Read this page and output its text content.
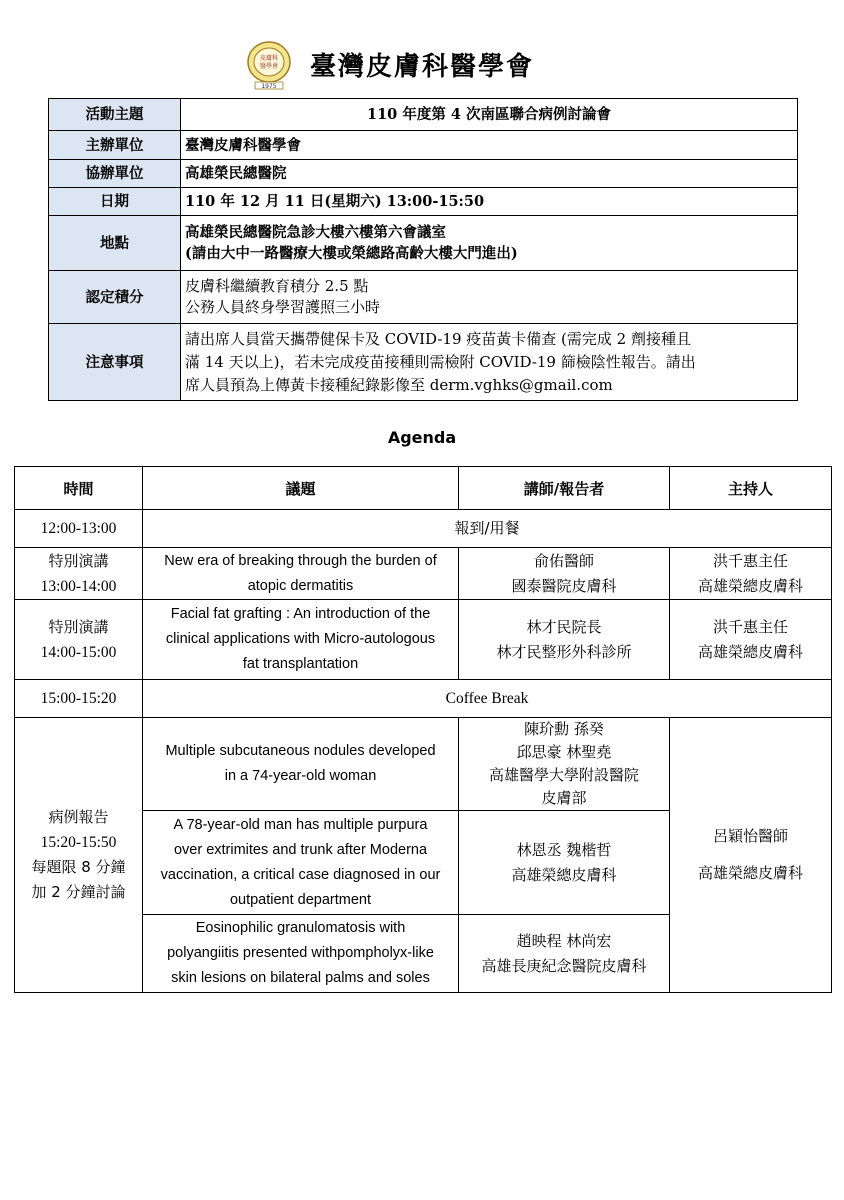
皮膚科
醫學會
1975
臺灣皮膚科醫學會
活動主題	110 年度第 4 次南區聯合病例討論會
主辦單位	臺灣皮膚科醫學會
協辦單位	高雄榮民總醫院
日期	110 年 12 月 11 日(星期六) 13:00-15:50
地點	高雄榮民總醫院急診大樓六樓第六會議室
(請由大中一路醫療大樓或榮總路高齡大樓大門進出)

認定積分	皮膚科繼續教育積分 2.5 點
公務人員終身學習護照三小時

注意事項	請出席人員當天攜帶健保卡及 COVID-19 疫苗黃卡備查 (需完成 2 劑接種且
滿 14 天以上)，若未完成疫苗接種則需檢附 COVID-19 篩檢陰性報告。請出
席人員預為上傳黃卡接種紀錄影像至 derm.vghks@gmail.com
Agenda
時間	議題	講師/報告者	主持人
12:00-13:00	報到/用餐		

特別演講
13:00-14:00	New era of breaking through the burden of
atopic dermatitis	俞佑醫師
國泰醫院皮膚科	洪千惠主任
高雄榮總皮膚科

特別演講
14:00-15:00	Facial fat grafting : An introduction of the
clinical applications with Micro-autologous
fat transplantation	林才民院長
林才民整形外科診所	洪千惠主任
高雄榮總皮膚科

15:00-15:20	Coffee Break		

病例報告
15:20-15:50
每題限 8 分鐘
加 2 分鐘討論	Multiple subcutaneous nodules developed
in a 74-year-old woman	陳玠勳 孫癸
邱思豪 林聖堯
高雄醫學大學附設醫院
皮膚部	呂穎怡醫師
高雄榮總皮膚科

	A 78-year-old man has multiple purpura
over extrimites and trunk after Moderna
vaccination, a critical case diagnosed in our
outpatient department	林恩丞 魏楷哲
高雄榮總皮膚科	

	Eosinophilic granulomatosis with
polyangiitis presented withpompholyx-like
skin lesions on bilateral palms and soles	趙映程 林尚宏
高雄長庚紀念醫院皮膚科	
